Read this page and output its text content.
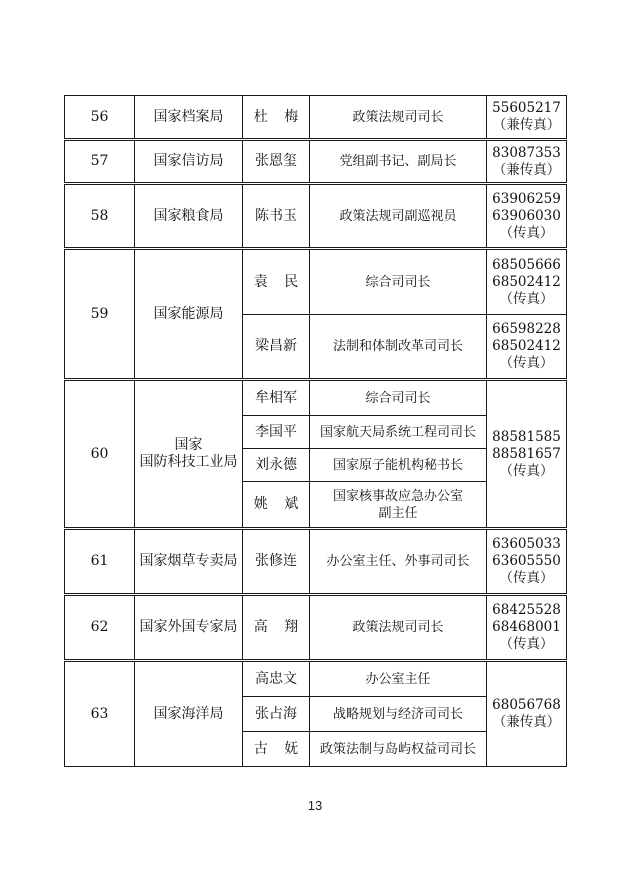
56	国家档案局	杜 梅	政策法规司司长	55605217
（兼传真）

57	国家信访局	张恩玺	党组副书记、副局长	83087353
（兼传真）

58	国家粮食局	陈书玉	政策法规司副巡视员	63906259
63906030
（传真）

59	国家能源局	袁 民	综合司司长	68505666
68502412
（传真）

		梁昌新	法制和体制改革司司长	66598228
68502412
（传真）

60	国家
国防科技工业局	牟相军	综合司司长	88581585
88581657
（传真）

		李国平	国家航天局系统工程司司长	

		刘永德	国家原子能机构秘书长	

		姚 斌	国家核事故应急办公室
副主任	

61	国家烟草专卖局	张修连	办公室主任、外事司司长	63605033
63605550
（传真）

62	国家外国专家局	高 翔	政策法规司司长	68425528
68468001
（传真）

63	国家海洋局	高忠文	办公室主任	68056768
（兼传真）

		张占海	战略规划与经济司司长	

		古 妩	政策法制与岛屿权益司司长	
13
